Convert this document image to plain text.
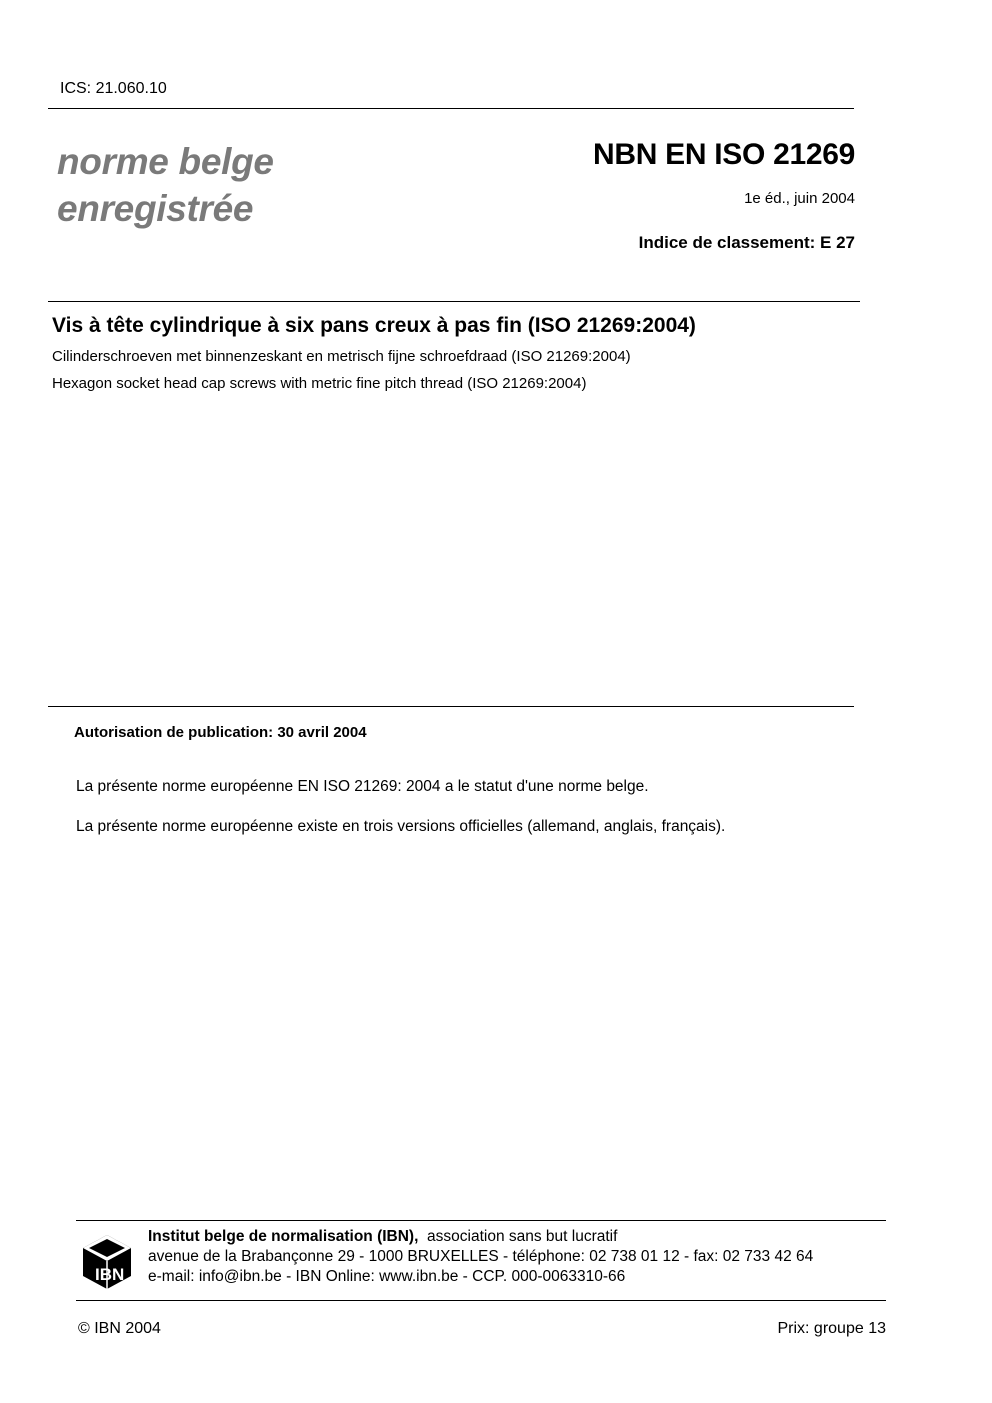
ICS: 21.060.10
norme belge
enregistrée
NBN EN ISO 21269
1e éd., juin 2004
Indice de classement: E 27
Vis à tête cylindrique à six pans creux à pas fin (ISO 21269:2004)
Cilinderschroeven met binnenzeskant en metrisch fijne schroefdraad (ISO 21269:2004)
Hexagon socket head cap screws with metric fine pitch thread (ISO 21269:2004)
Autorisation de publication: 30 avril 2004
La présente norme européenne EN ISO 21269: 2004 a le statut d'une norme belge.
La présente norme européenne existe en trois versions officielles (allemand, anglais, français).
IBN
Institut belge de normalisation (IBN), association sans but lucratif
avenue de la Brabançonne 29 - 1000 BRUXELLES - téléphone: 02 738 01 12 - fax: 02 733 42 64
e-mail: info@ibn.be - IBN Online: www.ibn.be - CCP. 000-0063310-66
© IBN 2004	Prix: groupe 13
